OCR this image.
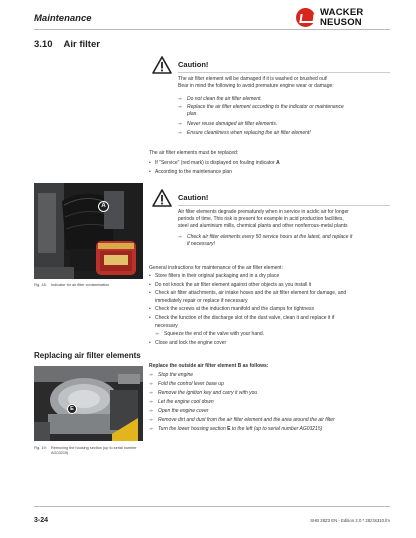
Maintenance
WACKER
NEUSON
3.10 Air filter
Caution!
The air filter element will be damaged if it is washed or brushed out!
Bear in mind the following to avoid premature engine wear or damage:
⇒ Do not clean the air filter element.
⇒ Replace the air filter element according to the indicator or maintenance
plan.
⇒ Never reuse damaged air filter elements.
⇒ Ensure cleanliness when replacing the air filter element!
The air filter elements must be replaced:
• If "Service" (red mark) is displayed on fouling indicator A
• According to the maintenance plan
A
Fig. 18: Indicator for air filter contamination
Caution!
Air filter elements degrade prematurely when in service in acidic air for longer
periods of time. This risk is present for example in acid production facilities,
steel and aluminium mills, chemical plants and other nonferrous-metal plants
⇒ Check air filter elements every 50 service hours at the latest, and replace it
if necessary!
General instructions for maintenance of the air filter element:
• Store filters in their original packaging and in a dry place
• Do not knock the air filter element against other objects as you install it
• Check air filter attachments, air intake hoses and the air filter element for damage, and
immediately repair or replace if necessary
• Check the screws at the induction manifold and the clamps for tightness
• Check the function of the discharge slot of the dust valve, clean it and replace it if
necessary
⇒ Squeeze the end of the valve with your hand.
• Close and lock the engine cover
Replacing air filter elements
E
Fig. 19: Removing the housing section (up to serial number
AG03215)
Replace the outside air filter element B as follows:
⇒ Stop the engine
⇒ Fold the control lever base up
⇒ Remove the ignition key and carry it with you
⇒ Let the engine cool down
⇒ Open the engine cover
⇒ Remove dirt and dust from the air filter element and the area around the air filter
⇒ Turn the lower housing section E to the left (up to serial number AG03215)
3-24	SHB 28Z3 EN - Edition 2.0 * 28z3s310.fm
